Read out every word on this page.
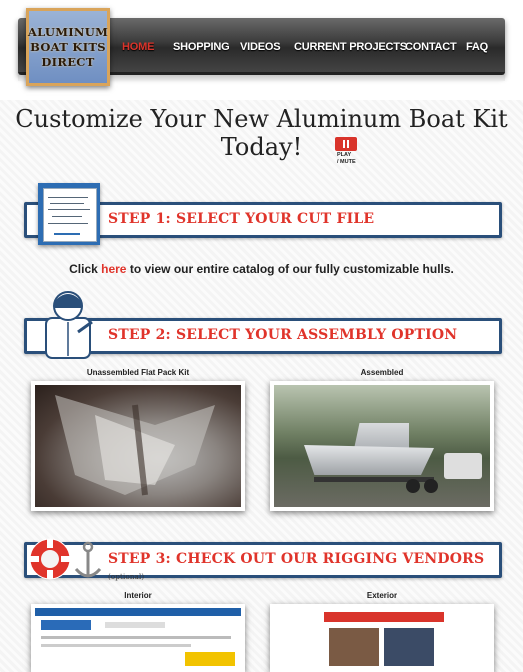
ALUMINUM
BOAT KITS
DIRECT
HOME SHOPPING VIDEOS CURRENT PROJECTS
CONTACT FAQ
Customize Your New Aluminum Boat Kit Today!	PLAY
/ MUTE
STEP 1: SELECT YOUR CUT FILE
Click here to view our entire catalog of our fully customizable hulls.
STEP 2: SELECT YOUR ASSEMBLY OPTION
Unassembled Flat Pack Kit	Assembled
STEP 3: CHECK OUT OUR RIGGING VENDORS (optional)
Interior	Exterior
